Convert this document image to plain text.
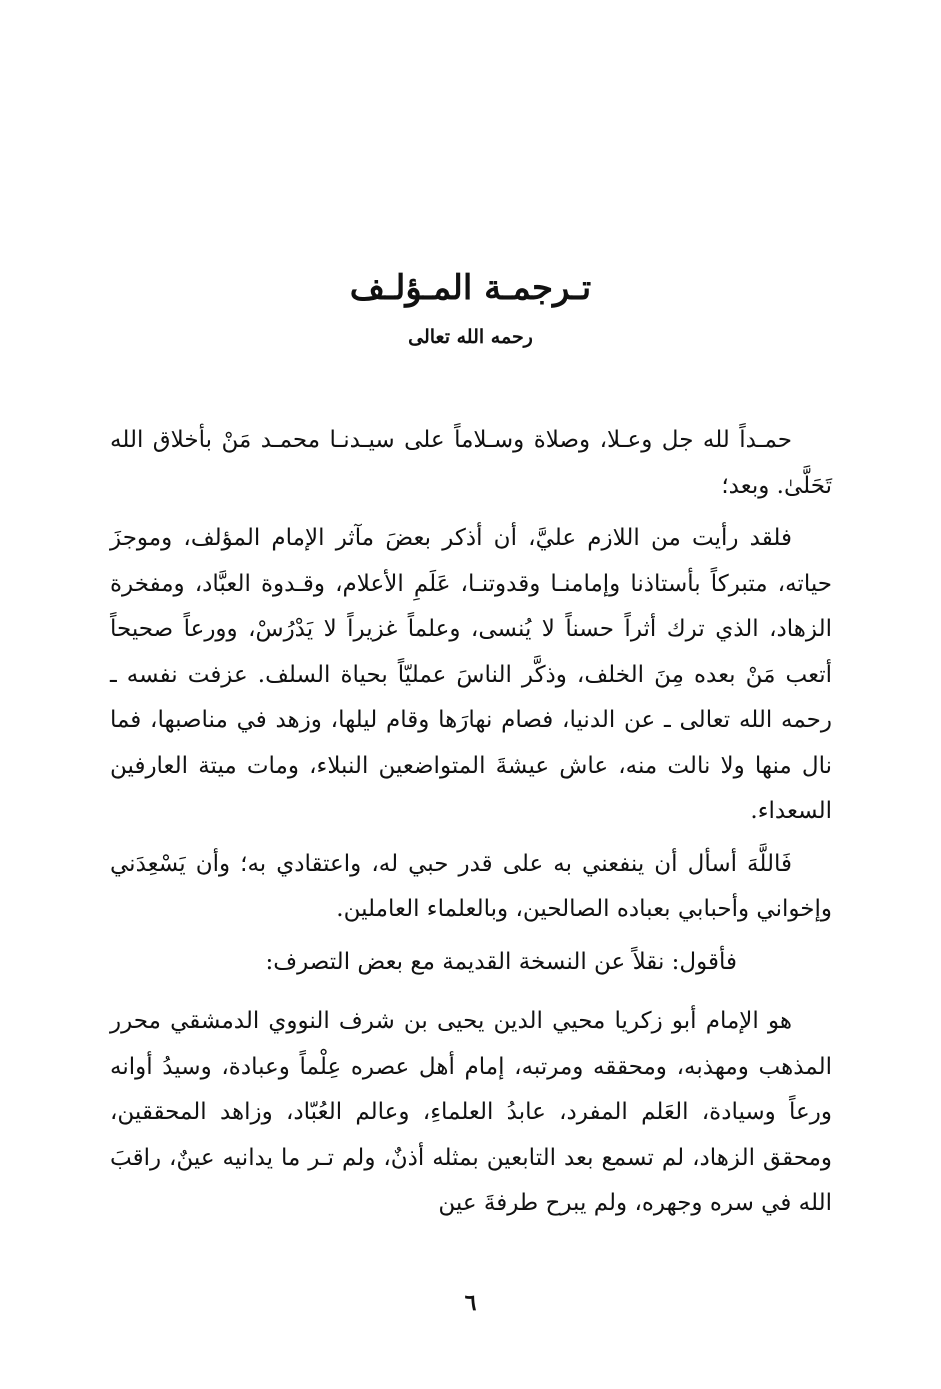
تـرجمـة المـؤلـف
رحمه الله تعالى

حمـداً لله جل وعـلا، وصلاة وسـلاماً على سيـدنـا محمـد مَنْ بأخلاق الله تَحَلَّىٰ. وبعد؛

فلقد رأيت من اللازم عليَّ، أن أذكر بعضَ مآثر الإمام المؤلف، وموجزَ حياته، متبركاً بأستاذنا وإمامنـا وقدوتنـا، عَلَمِ الأعلام، وقـدوة العبَّاد، ومفخرة الزهاد، الذي ترك أثراً حسناً لا يُنسى، وعلماً غزيراً لا يَدْرُسْ، وورعاً صحيحاً أتعب مَنْ بعده مِنَ الخلف، وذكَّر الناسَ عمليّاً بحياة السلف. عزفت نفسه ـ رحمه الله تعالى ـ عن الدنيا، فصام نهارَها وقام ليلها، وزهد في مناصبها، فما نال منها ولا نالت منه، عاش عيشةَ المتواضعين النبلاء، ومات ميتة العارفين السعداء.

فَاللَّهَ أسأل أن ينفعني به على قدر حبي له، واعتقادي به؛ وأن يَسْعِدَني وإخواني وأحبابي بعباده الصالحين، وبالعلماء العاملين.

فأقول: نقلاً عن النسخة القديمة مع بعض التصرف:

هو الإمام أبو زكريا محيي الدين يحيى بن شرف النووي الدمشقي محرر المذهب ومهذبه، ومحققه ومرتبه، إمام أهل عصره عِلْماً وعبادة، وسيدُ أوانه ورعاً وسيادة، العَلم المفرد، عابدُ العلماءِ، وعالم العُبّاد، وزاهد المحققين، ومحقق الزهاد، لم تسمع بعد التابعين بمثله أذنٌ، ولم تـر ما يدانيه عينٌ، راقبَ الله في سره وجهره، ولم يبرح طرفةَ عين

٦
